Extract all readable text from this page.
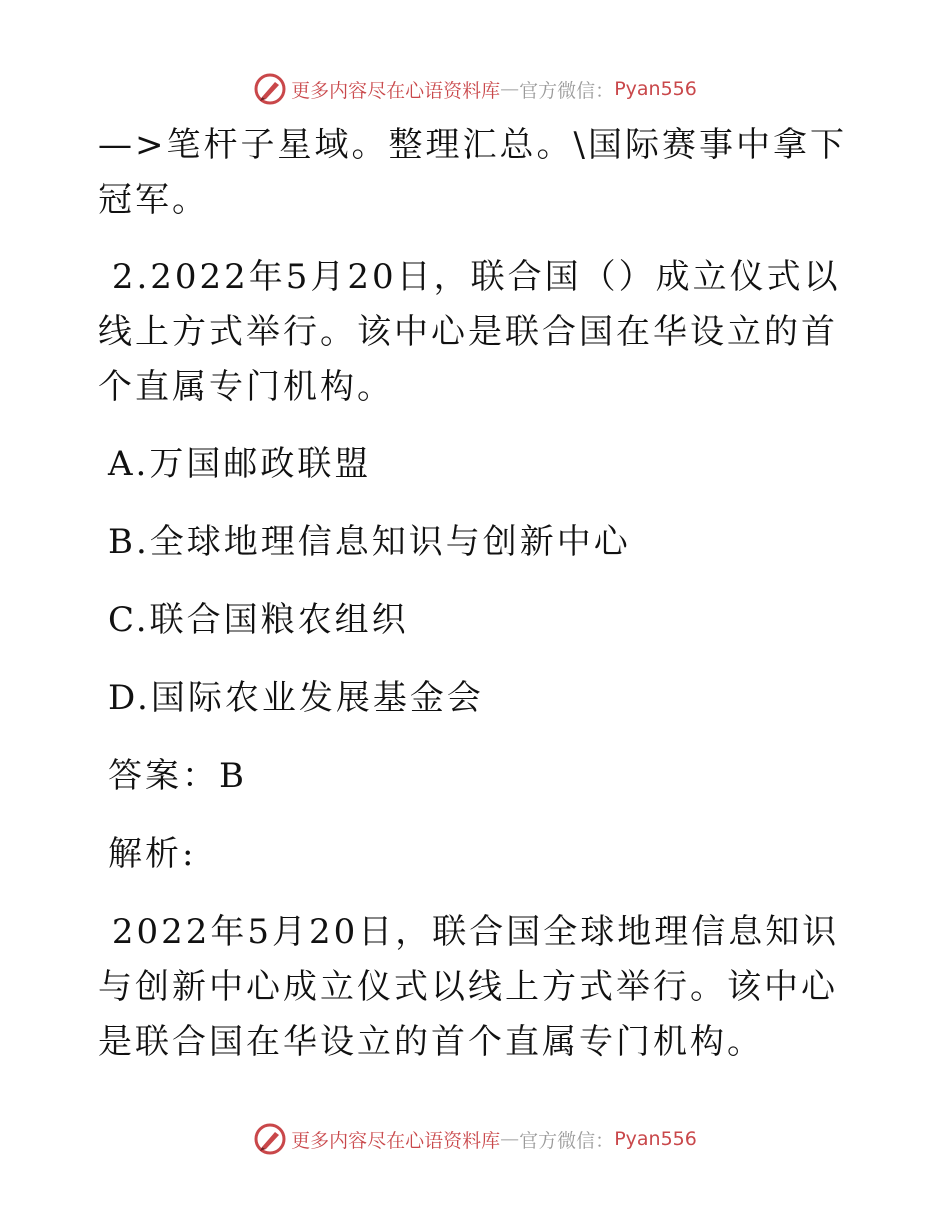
更多内容尽在心语资料库 — 官方微信： Pyan556

—>笔杆子星域。整理汇总。\国际赛事中拿下冠军。

2.2022年5月20日，联合国（）成立仪式以线上方式举行。该中心是联合国在华设立的首个直属专门机构。

A.万国邮政联盟

B.全球地理信息知识与创新中心

C.联合国粮农组织

D.国际农业发展基金会

答案：B

解析:

2022年5月20日，联合国全球地理信息知识与创新中心成立仪式以线上方式举行。该中心是联合国在华设立的首个直属专门机构。

更多内容尽在心语资料库 — 官方微信： Pyan556
